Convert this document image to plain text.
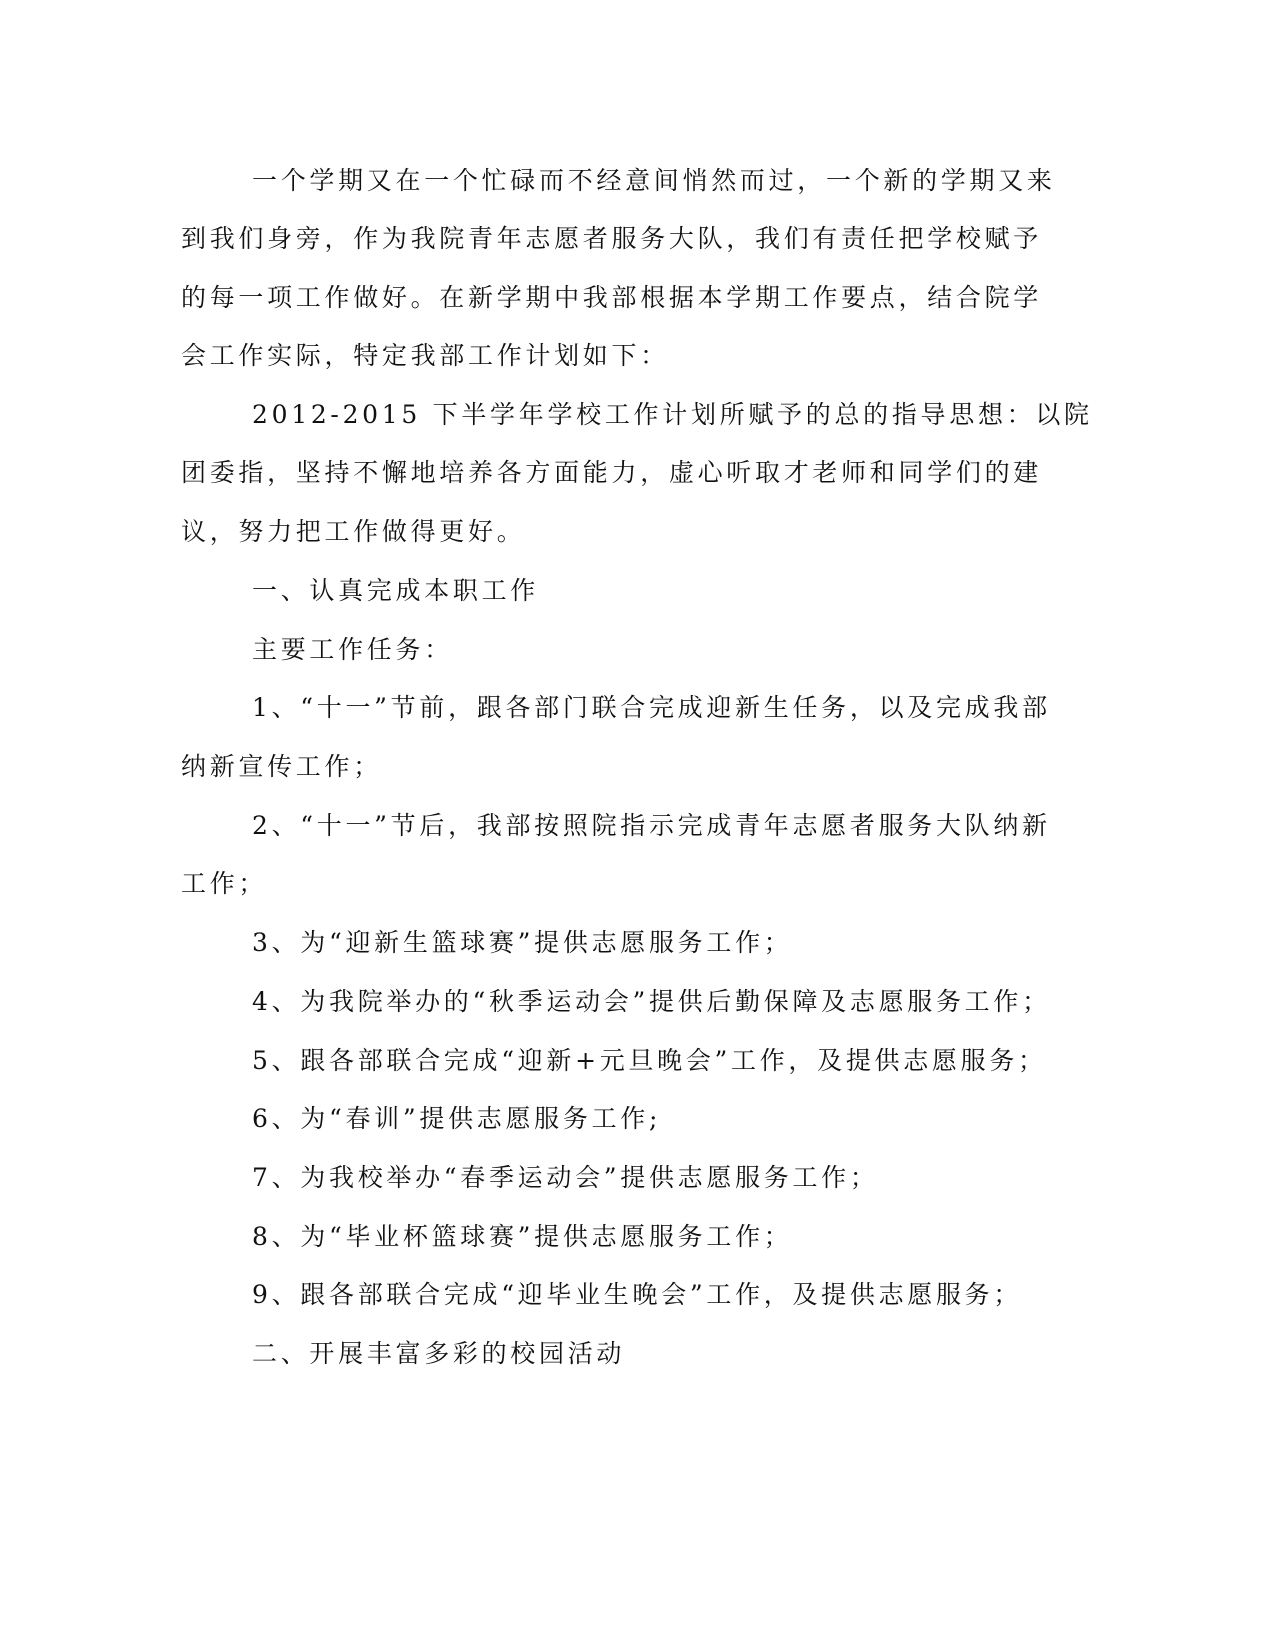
一个学期又在一个忙碌而不经意间悄然而过，一个新的学期又来
到我们身旁，作为我院青年志愿者服务大队，我们有责任把学校赋予
的每一项工作做好。在新学期中我部根据本学期工作要点，结合院学
会工作实际，特定我部工作计划如下：
2012-2015 下半学年学校工作计划所赋予的总的指导思想：以院
团委指，坚持不懈地培养各方面能力，虚心听取才老师和同学们的建
议，努力把工作做得更好。
一、认真完成本职工作
主要工作任务：
1、“十一”节前，跟各部门联合完成迎新生任务，以及完成我部
纳新宣传工作；
2、“十一”节后，我部按照院指示完成青年志愿者服务大队纳新
工作；
3、为“迎新生篮球赛”提供志愿服务工作；
4、为我院举办的“秋季运动会”提供后勤保障及志愿服务工作；
5、跟各部联合完成“迎新+元旦晚会”工作，及提供志愿服务；
6、为“春训”提供志愿服务工作;
7、为我校举办“春季运动会”提供志愿服务工作；
8、为“毕业杯篮球赛”提供志愿服务工作；
9、跟各部联合完成“迎毕业生晚会”工作，及提供志愿服务；
二、开展丰富多彩的校园活动
